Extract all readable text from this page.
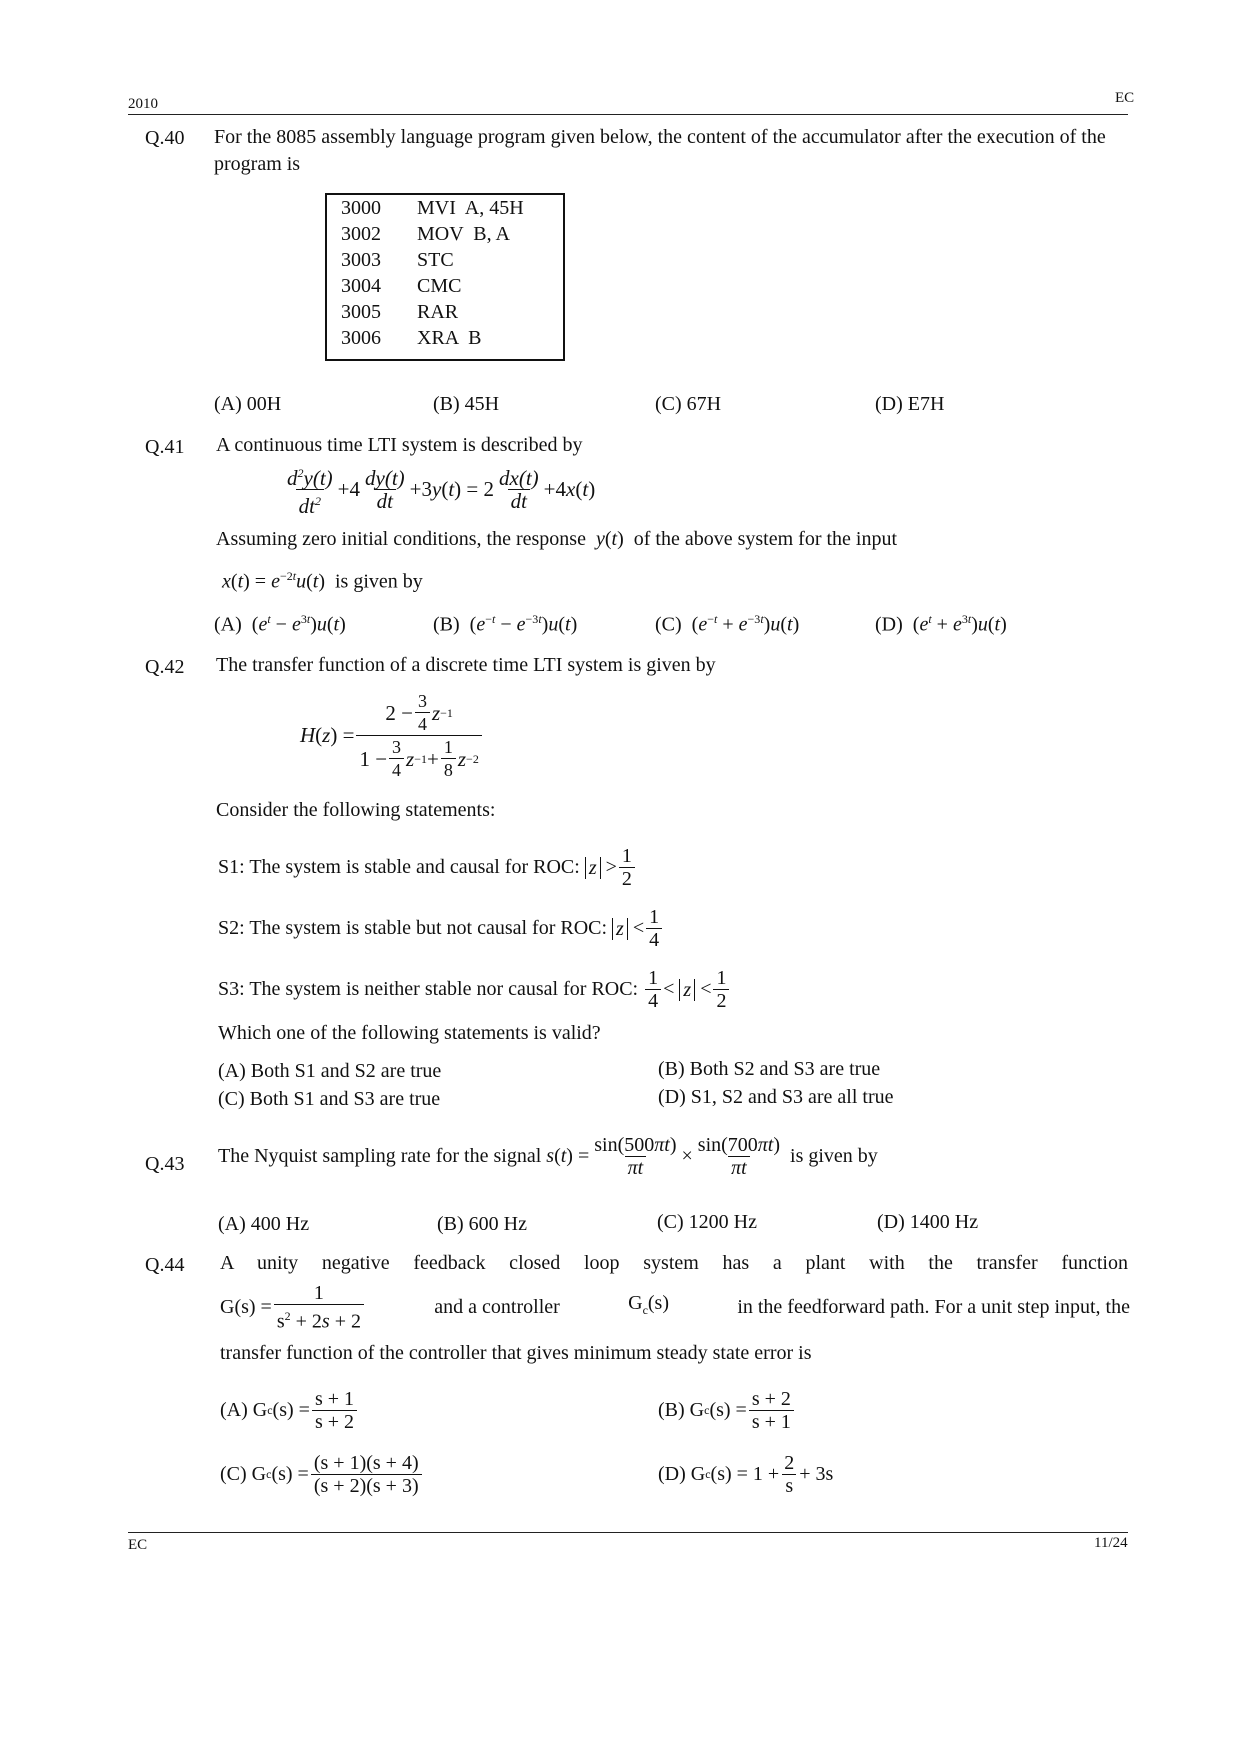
2010	EC
Q.40 For the 8085 assembly language program given below, the content of the accumulator after the execution of the program is
3000	MVI  A, 45H
3002	MOV  B, A
3003	STC
3004	CMC
3005	RAR
3006	XRA  B
(A) 00H	(B) 45H	(C) 67H	(D) E7H
Q.41 A continuous time LTI system is described by
$\frac{d^2y(t)}{dt^2} +4 \frac{dy(t)}{dt} +3y(t) = 2 \frac{dx(t)}{dt} +4x(t)$
Assuming zero initial conditions, the response y(t)  of the above system for the input
$x(t) = e^{-2t}u(t)$  is given by
(A)  $(e^t - e^{3t})u(t)$	(B)  $(e^{-t} - e^{-3t})u(t)$	(C)  $(e^{-t} + e^{-3t})u(t)$	(D)  $(e^t + e^{3t})u(t)$
Q.42 The transfer function of a discrete time LTI system is given by
$H(z) = \frac{2 - \frac{3}{4} z -1}{1 - \frac{3}{4} z -1 + \frac{1}{8} z -2}$
Consider the following statements:
S1: The system is stable and causal for ROC:
$z > \frac{1}{2}$
S2: The system is stable but not causal for ROC:
$z < \frac{1}{4}$
S3: The system is neither stable nor causal for ROC:
$\frac{1}{4} < z < \frac{1}{2}$
Which one of the following statements is valid?
(A) Both S1 and S2 are true	(B) Both S2 and S3 are true
(C) Both S1 and S3 are true	(D) S1, S2 and S3 are all true
Q.43 The Nyquist sampling rate for the signal
s ( t ) = $\frac{\sin(500\pi t)}{\pi t} \times \frac{\sin(700\pi t)}{\pi t}$
is given by
(A) 400 Hz	(B) 600 Hz	(C) 1200 Hz	(D) 1400 Hz
Q.44 A unity negative feedback closed loop system has a plant with the transfer function
$G(s) = \frac{1}{s^2 + 2s + 2}$	and a controller	$G_c(s)$	in the feedforward path. For a unit step input, the
transfer function of the controller that gives minimum steady state error is
(A) G c $(s) = \frac{s + 1}{s + 2}$	(B) G c $(s) = \frac{s + 2}{s + 1}$
(C) G c $(s) = \frac{(s + 1)(s + 4)}{(s + 2)(s + 3)}$	(D) G c $(s) = 1 + \frac{2}{s} + 3s$
EC	11/24
